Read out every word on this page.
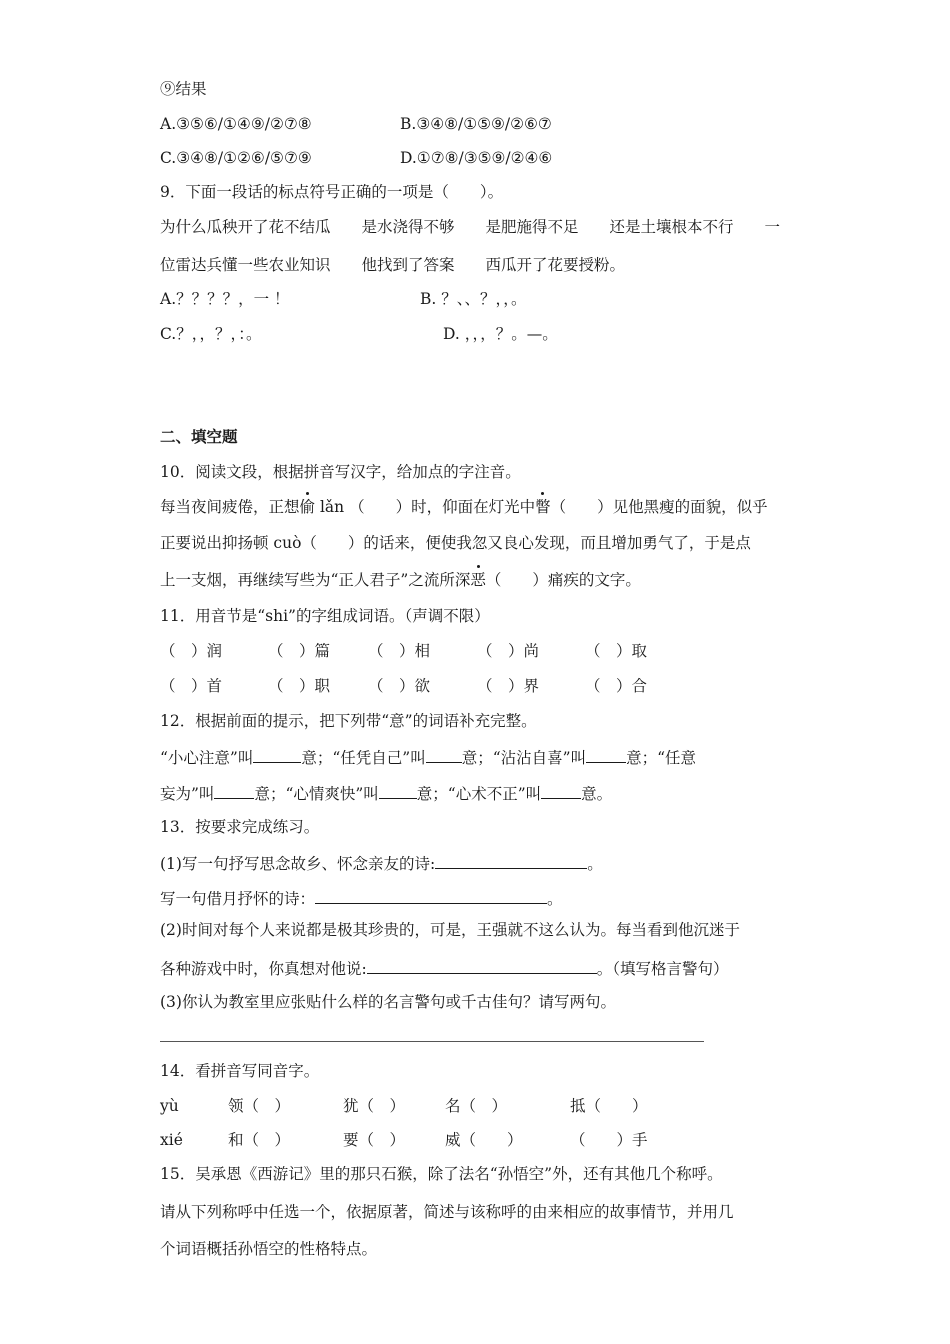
⑨结果
A.③⑤⑥/①④⑨/②⑦⑧	B.③④⑧/①⑤⑨/②⑥⑦
C.③④⑧/①②⑥/⑤⑦⑨	D.①⑦⑧/③⑤⑨/②④⑥
9．下面一段话的标点符号正确的一项是（　　）。
为什么瓜秧开了花不结瓜　　是水浇得不够　　是肥施得不足　　还是土壤根本不行　　一
位雷达兵懂一些农业知识　　他找到了答案　　西瓜开了花要授粉。
A.？？？？，一 ！	B. ？、、？，，。
C.？，，？，：。	D. ，，，？。—。
二、填空题
10．阅读文段，根据拼音写汉字，给加点的字注音。
每当夜间疲倦，正想偷 lǎn （　　）时，仰面在灯光中瞥（　　）见他黑瘦的面貌，似乎
正要说出抑扬顿 cuò（　　）的话来，便使我忽又良心发现，而且增加勇气了，于是点
上一支烟，再继续写些为“正人君子”之流所深恶（　　）痛疾的文字。
11．用音节是“shi”的字组成词语。（声调不限）
（　）润	（　）篇 （　）相	（　）尚	（　）取
（　）首	（　）职 （　）欲	（　）界	（　）合
12．根据前面的提示，把下列带“意”的词语补充完整。
“小心注意”叫	意；“任凭自己”叫 意；“沾沾自喜”叫	意；“任意
妄为”叫	意；“心情爽快”叫 意；“心术不正”叫	意。
13．按要求完成练习。
(1)写一句抒写思念故乡、怀念亲友的诗:	。
写一句借月抒怀的诗：	。
(2)时间对每个人来说都是极其珍贵的，可是，王强就不这么认为。每当看到他沉迷于
各种游戏中时，你真想对他说:	。（填写格言警句）
(3)你认为教室里应张贴什么样的名言警句或千古佳句？请写两句。
14．看拼音写同音字。
yù	领（　）	犹（　）	名（　）	抵（　　）
xié	和（　）	要（　）	威（　　）	（　　）手
15．吴承恩《西游记》里的那只石猴，除了法名“孙悟空”外，还有其他几个称呼。
请从下列称呼中任选一个，依据原著，简述与该称呼的由来相应的故事情节，并用几
个词语概括孙悟空的性格特点。
